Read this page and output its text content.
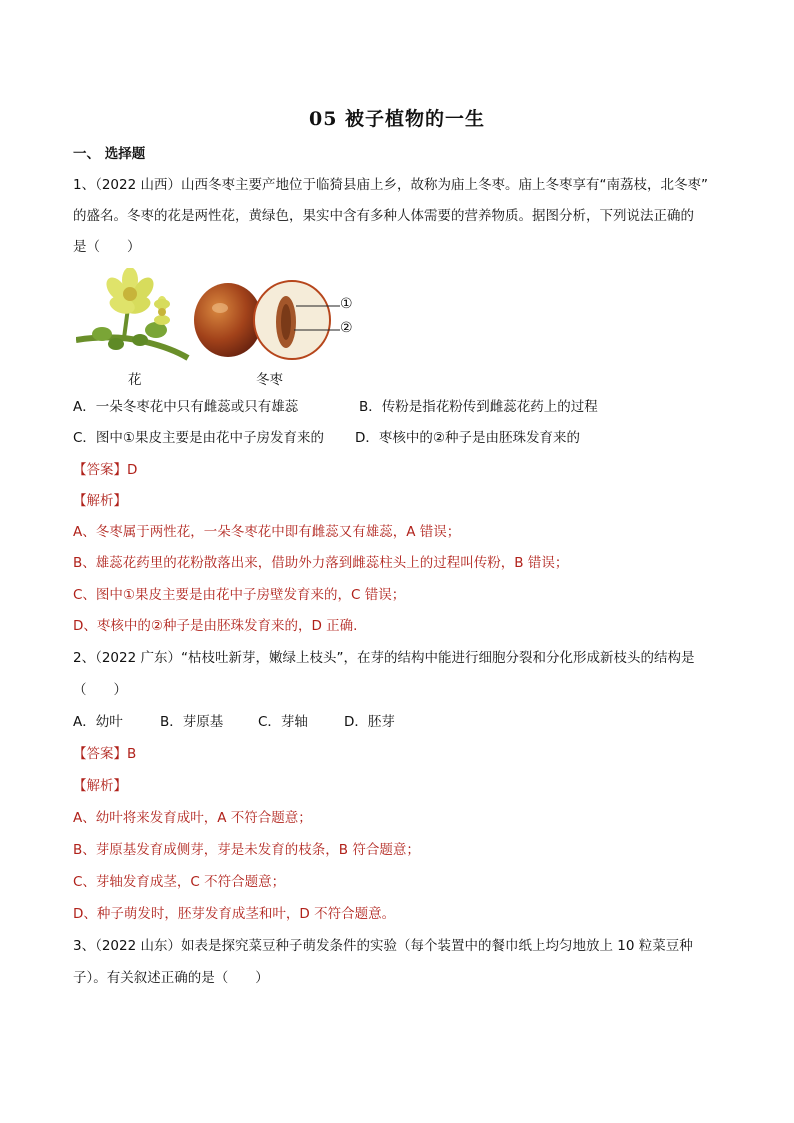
05 被子植物的一生
一、 选择题
1、（2022 山西）山西冬枣主要产地位于临猗县庙上乡，故称为庙上冬枣。庙上冬枣享有“南荔枝，北冬枣”
的盛名。冬枣的花是两性花，黄绿色，果实中含有多种人体需要的营养物质。据图分析，下列说法正确的
是（　　）
花	冬枣
①
②
A．一朵冬枣花中只有雌蕊或只有雄蕊	B．传粉是指花粉传到雌蕊花药上的过程
C．图中①果皮主要是由花中子房发育来的 D．枣核中的②种子是由胚珠发育来的
【答案】D
【解析】
A、冬枣属于两性花，一朵冬枣花中即有雌蕊又有雄蕊，A 错误；
B、雄蕊花药里的花粉散落出来，借助外力落到雌蕊柱头上的过程叫传粉，B 错误；
C、图中①果皮主要是由花中子房壁发育来的，C 错误；
D、枣核中的②种子是由胚珠发育来的，D 正确.
2、（2022 广东）“枯枝吐新芽，嫩绿上枝头”，在芽的结构中能进行细胞分裂和分化形成新枝头的结构是
（　　）
A．幼叶	B．芽原基	C．芽轴	D．胚芽
【答案】B
【解析】
A、幼叶将来发育成叶，A 不符合题意；
B、芽原基发育成侧芽，芽是未发育的枝条，B 符合题意；
C、芽轴发育成茎，C 不符合题意；
D、种子萌发时，胚芽发育成茎和叶，D 不符合题意。
3、（2022 山东）如表是探究菜豆种子萌发条件的实验（每个装置中的餐巾纸上均匀地放上 10 粒菜豆种
子）。有关叙述正确的是（　　）
